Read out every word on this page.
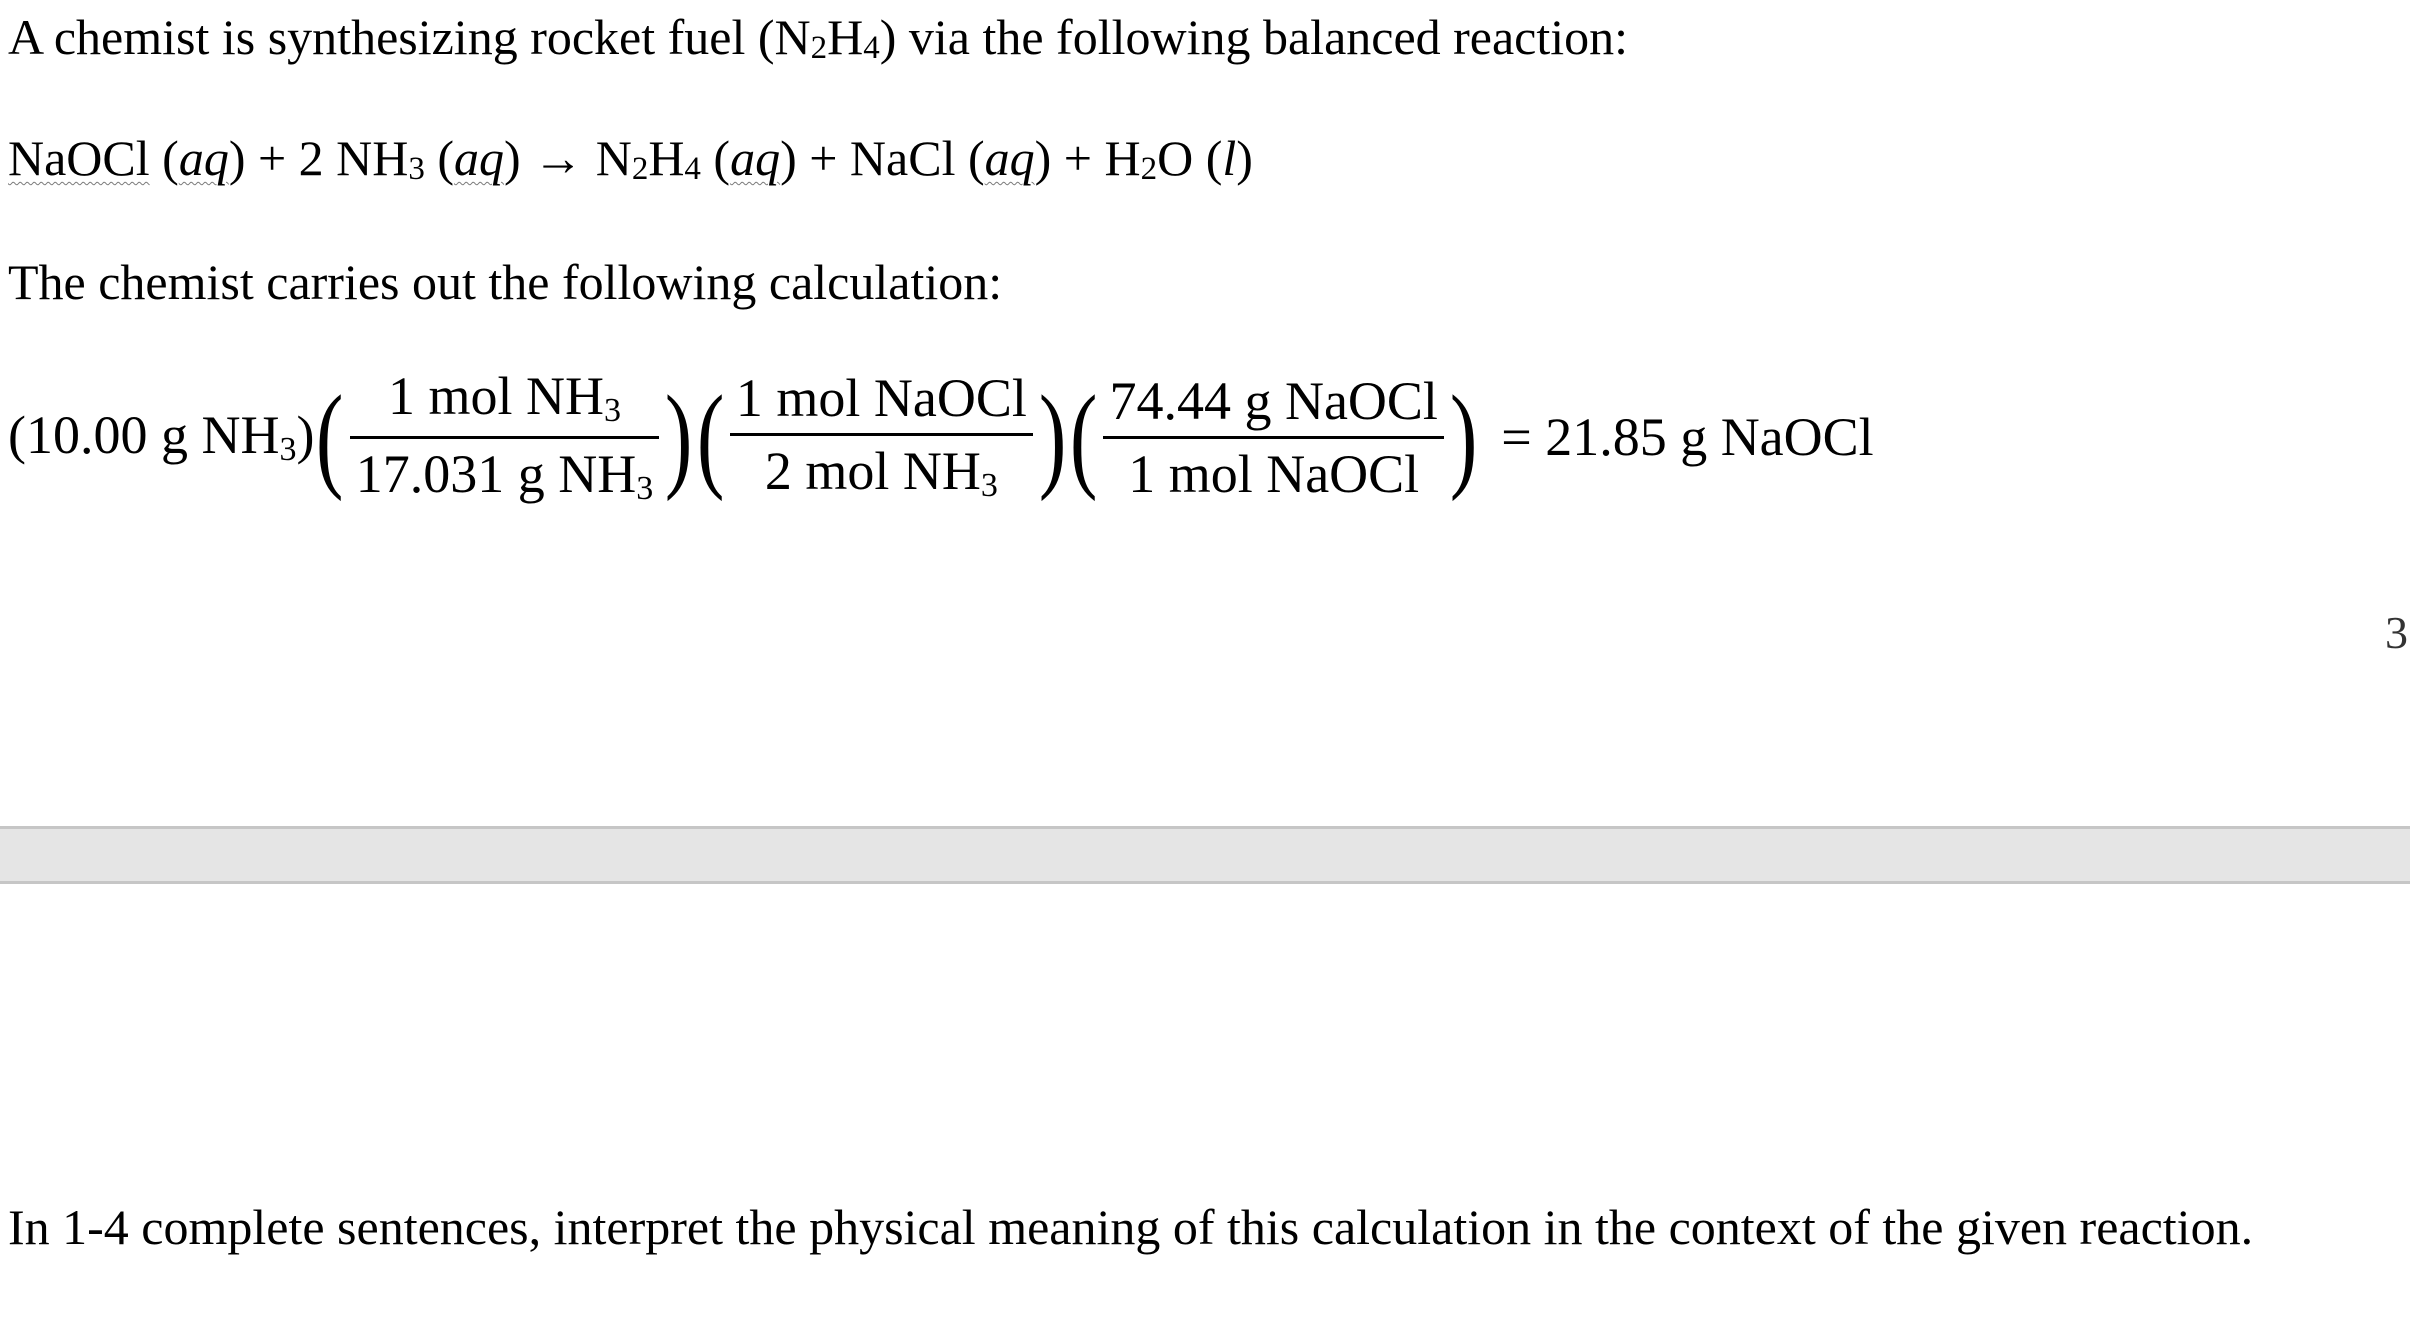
A chemist is synthesizing rocket fuel (N2H4) via the following balanced reaction:
NaOCl (aq) + 2 NH3 (aq) → N2H4 (aq) + NaCl (aq) + H2O (l)
The chemist carries out the following calculation:
(10.00 g NH3) ( $\frac{\text{1 mol NH3}}{\text{17.031 g NH3}}$ ) ( $\frac{\text{1 mol NaOCl}}{\text{2 mol NH3}}$ ) ( $\frac{\text{74.44 g NaOCl}}{\text{1 mol NaOCl}}$ ) = 21.85 g NaOCl
3
In 1-4 complete sentences, interpret the physical meaning of this calculation in the context of the given reaction.
